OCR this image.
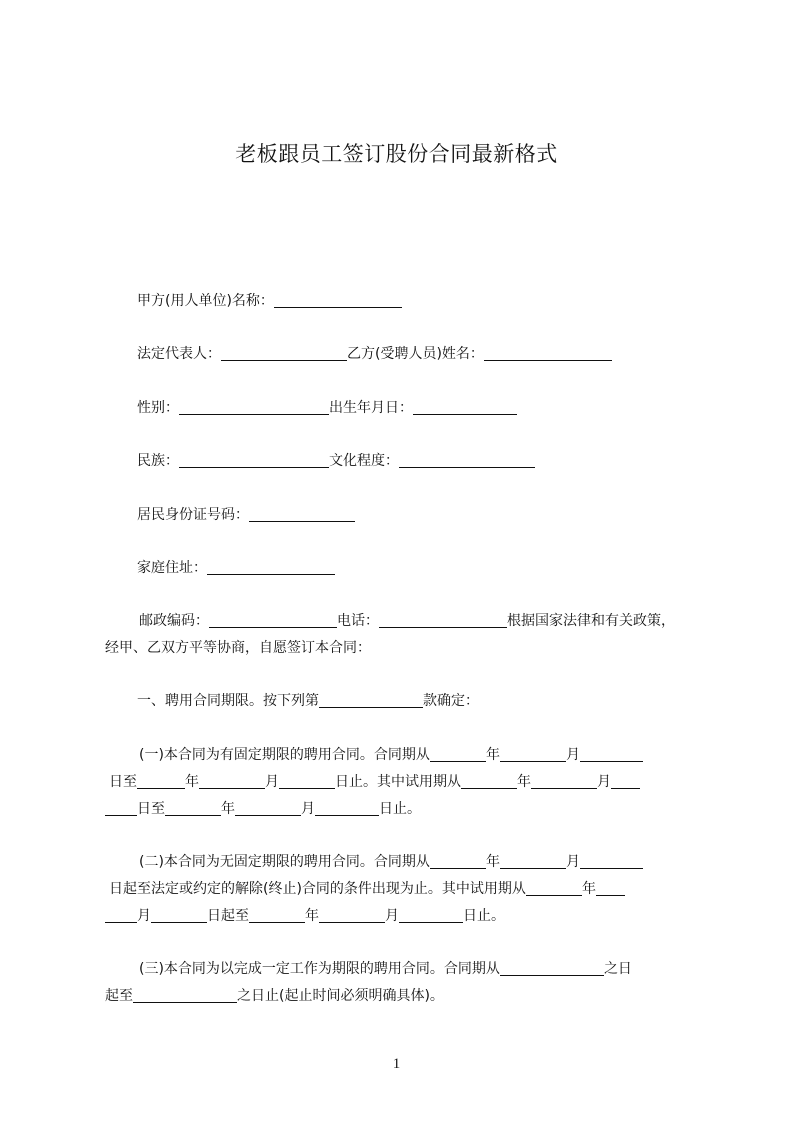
老板跟员工签订股份合同最新格式
甲方(用人单位)名称：
法定代表人：	乙方(受聘人员)姓名：
性别：	出生年月日：
民族：	文化程度：
居民身份证号码：
家庭住址：
邮政编码：	电话：	根据国家法律和有关政策，
经甲、乙双方平等协商，自愿签订本合同：
一、聘用合同期限。按下列第	款确定：
(一)本合同为有固定期限的聘用合同。合同期从	年	月
日至	年	月	日止。其中试用期从	年	月
日至	年	月	日止。
(二)本合同为无固定期限的聘用合同。合同期从	年	月
日起至法定或约定的解除(终止)合同的条件出现为止。其中试用期从	年
月	日起至	年	月	日止。
(三)本合同为以完成一定工作为期限的聘用合同。合同期从	之日
起至	之日止(起止时间必须明确具体)。
1
